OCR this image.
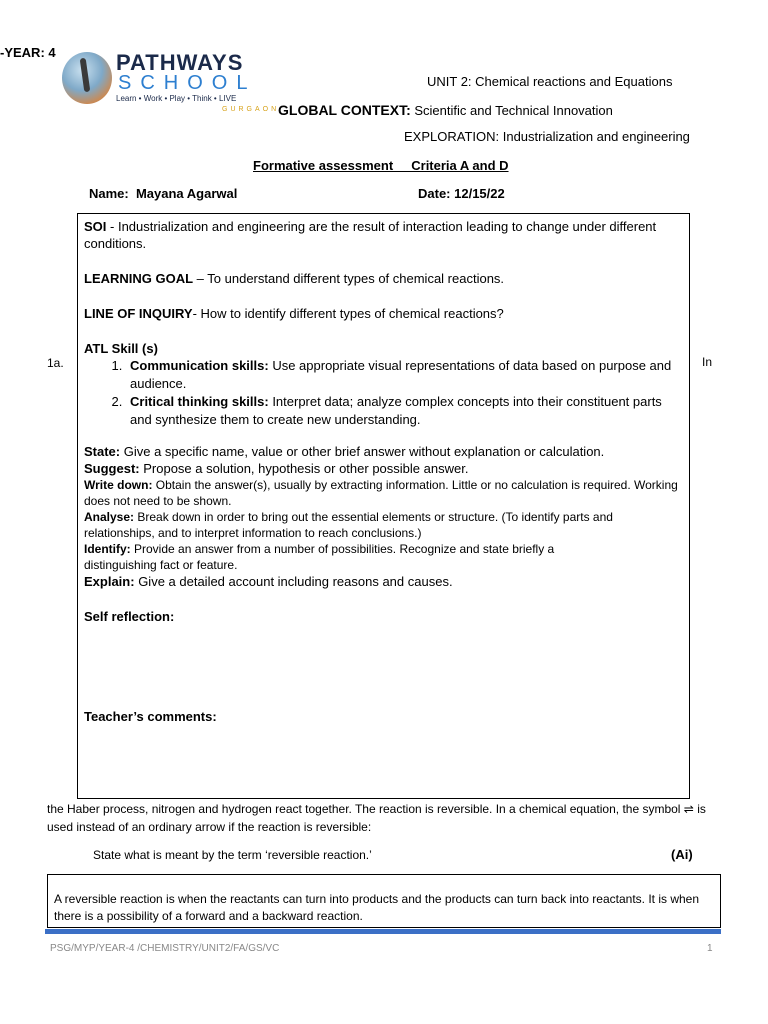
-YEAR: 4	PATHWAYS
SCHOOL
Learn • Work • Play • Think • LIVE
GURGAON
UNIT 2: Chemical reactions and Equations
GLOBAL CONTEXT: Scientific and Technical Innovation
EXPLORATION: Industrialization and engineering
Formative assessment     Criteria A and D
Name:  Mayana Agarwal	Date: 12/15/22

SOI - Industrialization and engineering are the result of interaction leading to change under different conditions.

LEARNING GOAL – To understand different types of chemical reactions.

LINE OF INQUIRY- How to identify different types of chemical reactions?

ATL Skill (s)

1. Communication skills: Use appropriate visual representations of data based on purpose and audience.
2. Critical thinking skills: Interpret data; analyze complex concepts into their constituent parts and synthesize them to create new understanding.

State: Give a specific name, value or other brief answer without explanation or calculation.

Suggest: Propose a solution, hypothesis or other possible answer.

Write down: Obtain the answer(s), usually by extracting information. Little or no calculation is required. Working does not need to be shown.

Analyse: Break down in order to bring out the essential elements or structure. (To identify parts and relationships, and to interpret information to reach conclusions.)

Identify: Provide an answer from a number of possibilities. Recognize and state briefly a distinguishing fact or feature.

Explain: Give a detailed account including reasons and causes.

Self reflection:

Teacher’s comments:

1a.	In
the Haber process, nitrogen and hydrogen react together. The reaction is reversible. In a chemical equation, the symbol ⇌ is used instead of an ordinary arrow if the reaction is reversible:
State what is meant by the term ‘reversible reaction.’	(Ai)

A reversible reaction is when the reactants can turn into products and the products can turn back into reactants. It is when there is a possibility of a forward and a backward reaction.

PSG/MYP/YEAR-4 /CHEMISTRY/UNIT2/FA/GS/VC	1
